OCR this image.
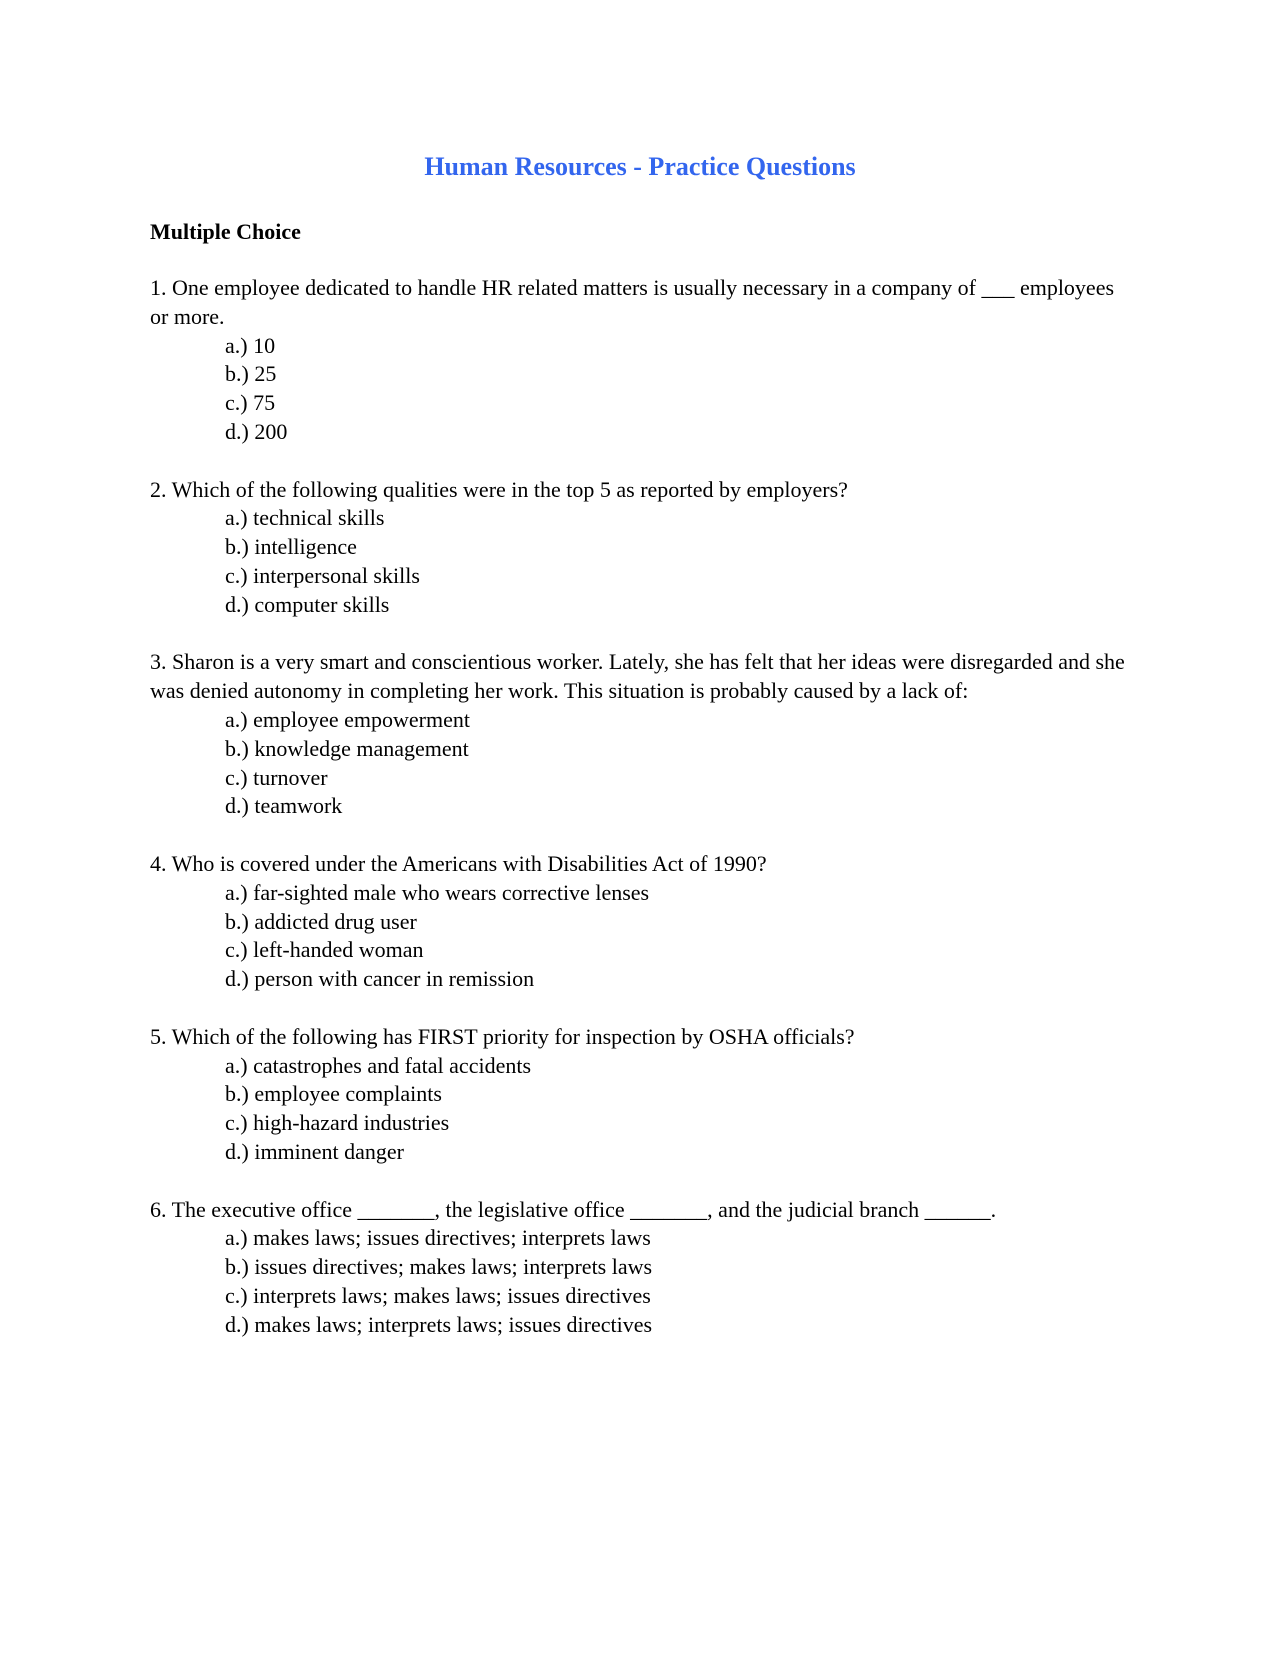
Human Resources - Practice Questions
Multiple Choice

1. One employee dedicated to handle HR related matters is usually necessary in a company of ___ employees or more.

a.) 10
b.) 25
c.) 75
d.) 200

2. Which of the following qualities were in the top 5 as reported by employers?

a.) technical skills
b.) intelligence
c.) interpersonal skills
d.) computer skills

3. Sharon is a very smart and conscientious worker. Lately, she has felt that her ideas were disregarded and she was denied autonomy in completing her work. This situation is probably caused by a lack of:

a.) employee empowerment
b.) knowledge management
c.) turnover
d.) teamwork

4. Who is covered under the Americans with Disabilities Act of 1990?

a.) far-sighted male who wears corrective lenses
b.) addicted drug user
c.) left-handed woman
d.) person with cancer in remission

5. Which of the following has FIRST priority for inspection by OSHA officials?

a.) catastrophes and fatal accidents
b.) employee complaints
c.) high-hazard industries
d.) imminent danger

6. The executive office _______, the legislative office _______, and the judicial branch ______.

a.) makes laws; issues directives; interprets laws
b.) issues directives; makes laws; interprets laws
c.) interprets laws; makes laws; issues directives
d.) makes laws; interprets laws; issues directives
